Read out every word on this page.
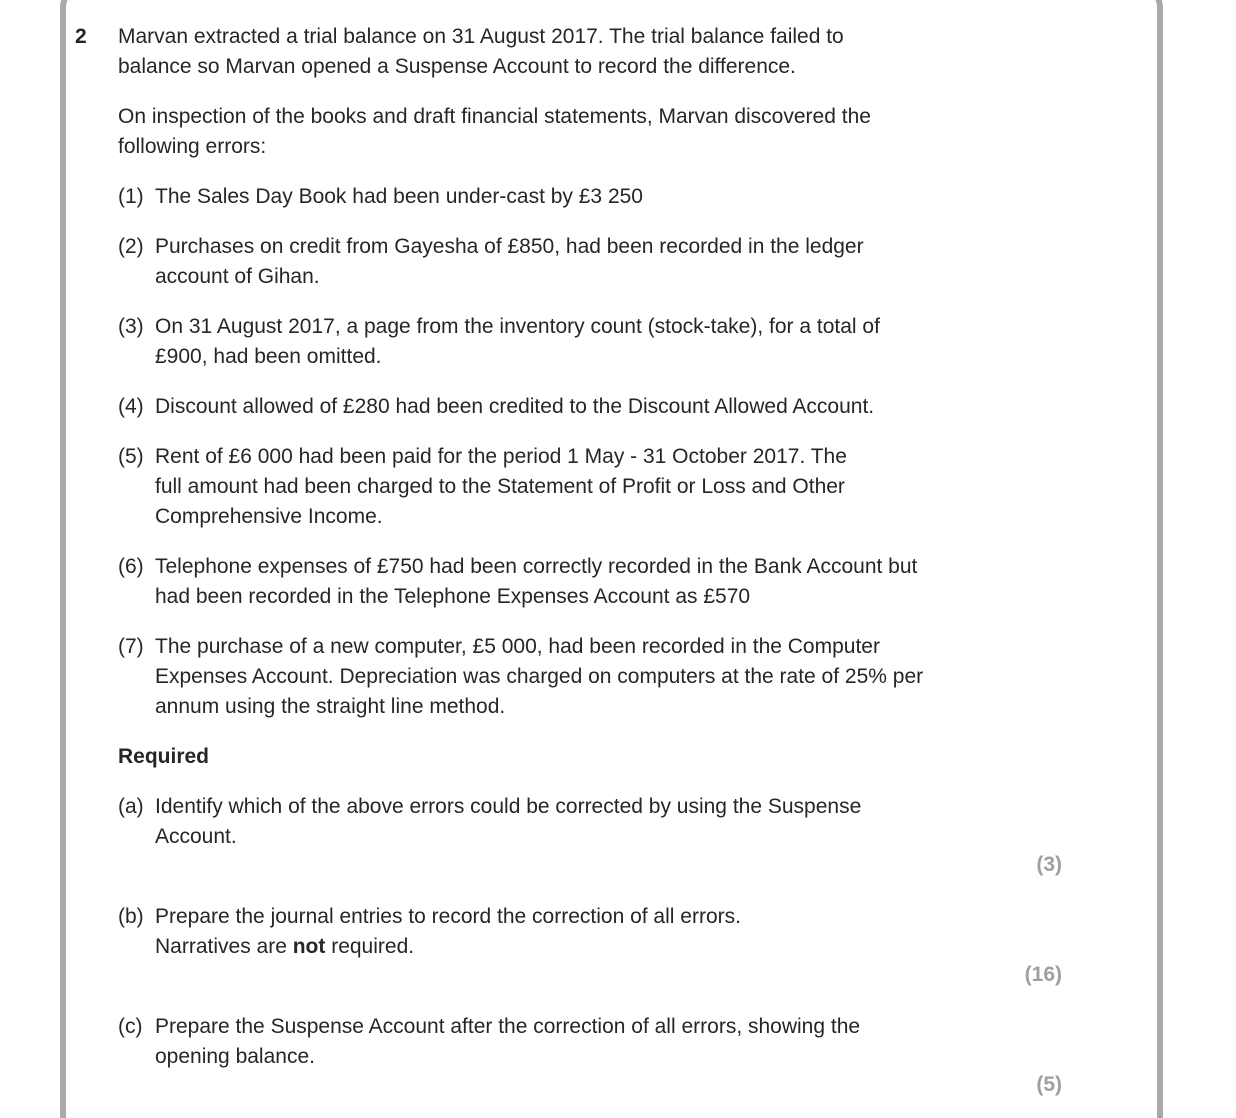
2	Marvan extracted a trial balance on 31 August 2017. The trial balance failed to
balance so Marvan opened a Suspense Account to record the difference.
On inspection of the books and draft financial statements, Marvan discovered the
following errors:
(1) The Sales Day Book had been under-cast by £3 250
(2) Purchases on credit from Gayesha of £850, had been recorded in the ledger
account of Gihan.
(3) On 31 August 2017, a page from the inventory count (stock-take), for a total of
£900, had been omitted.
(4) Discount allowed of £280 had been credited to the Discount Allowed Account.
(5) Rent of £6 000 had been paid for the period 1 May - 31 October 2017. The
full amount had been charged to the Statement of Profit or Loss and Other
Comprehensive Income.
(6) Telephone expenses of £750 had been correctly recorded in the Bank Account but
had been recorded in the Telephone Expenses Account as £570
(7) The purchase of a new computer, £5 000, had been recorded in the Computer
Expenses Account. Depreciation was charged on computers at the rate of 25% per
annum using the straight line method.
Required
(a) Identify which of the above errors could be corrected by using the Suspense
Account.
(3)
(b) Prepare the journal entries to record the correction of all errors.
Narratives are not required.
(16)
(c) Prepare the Suspense Account after the correction of all errors, showing the
opening balance.
(5)
